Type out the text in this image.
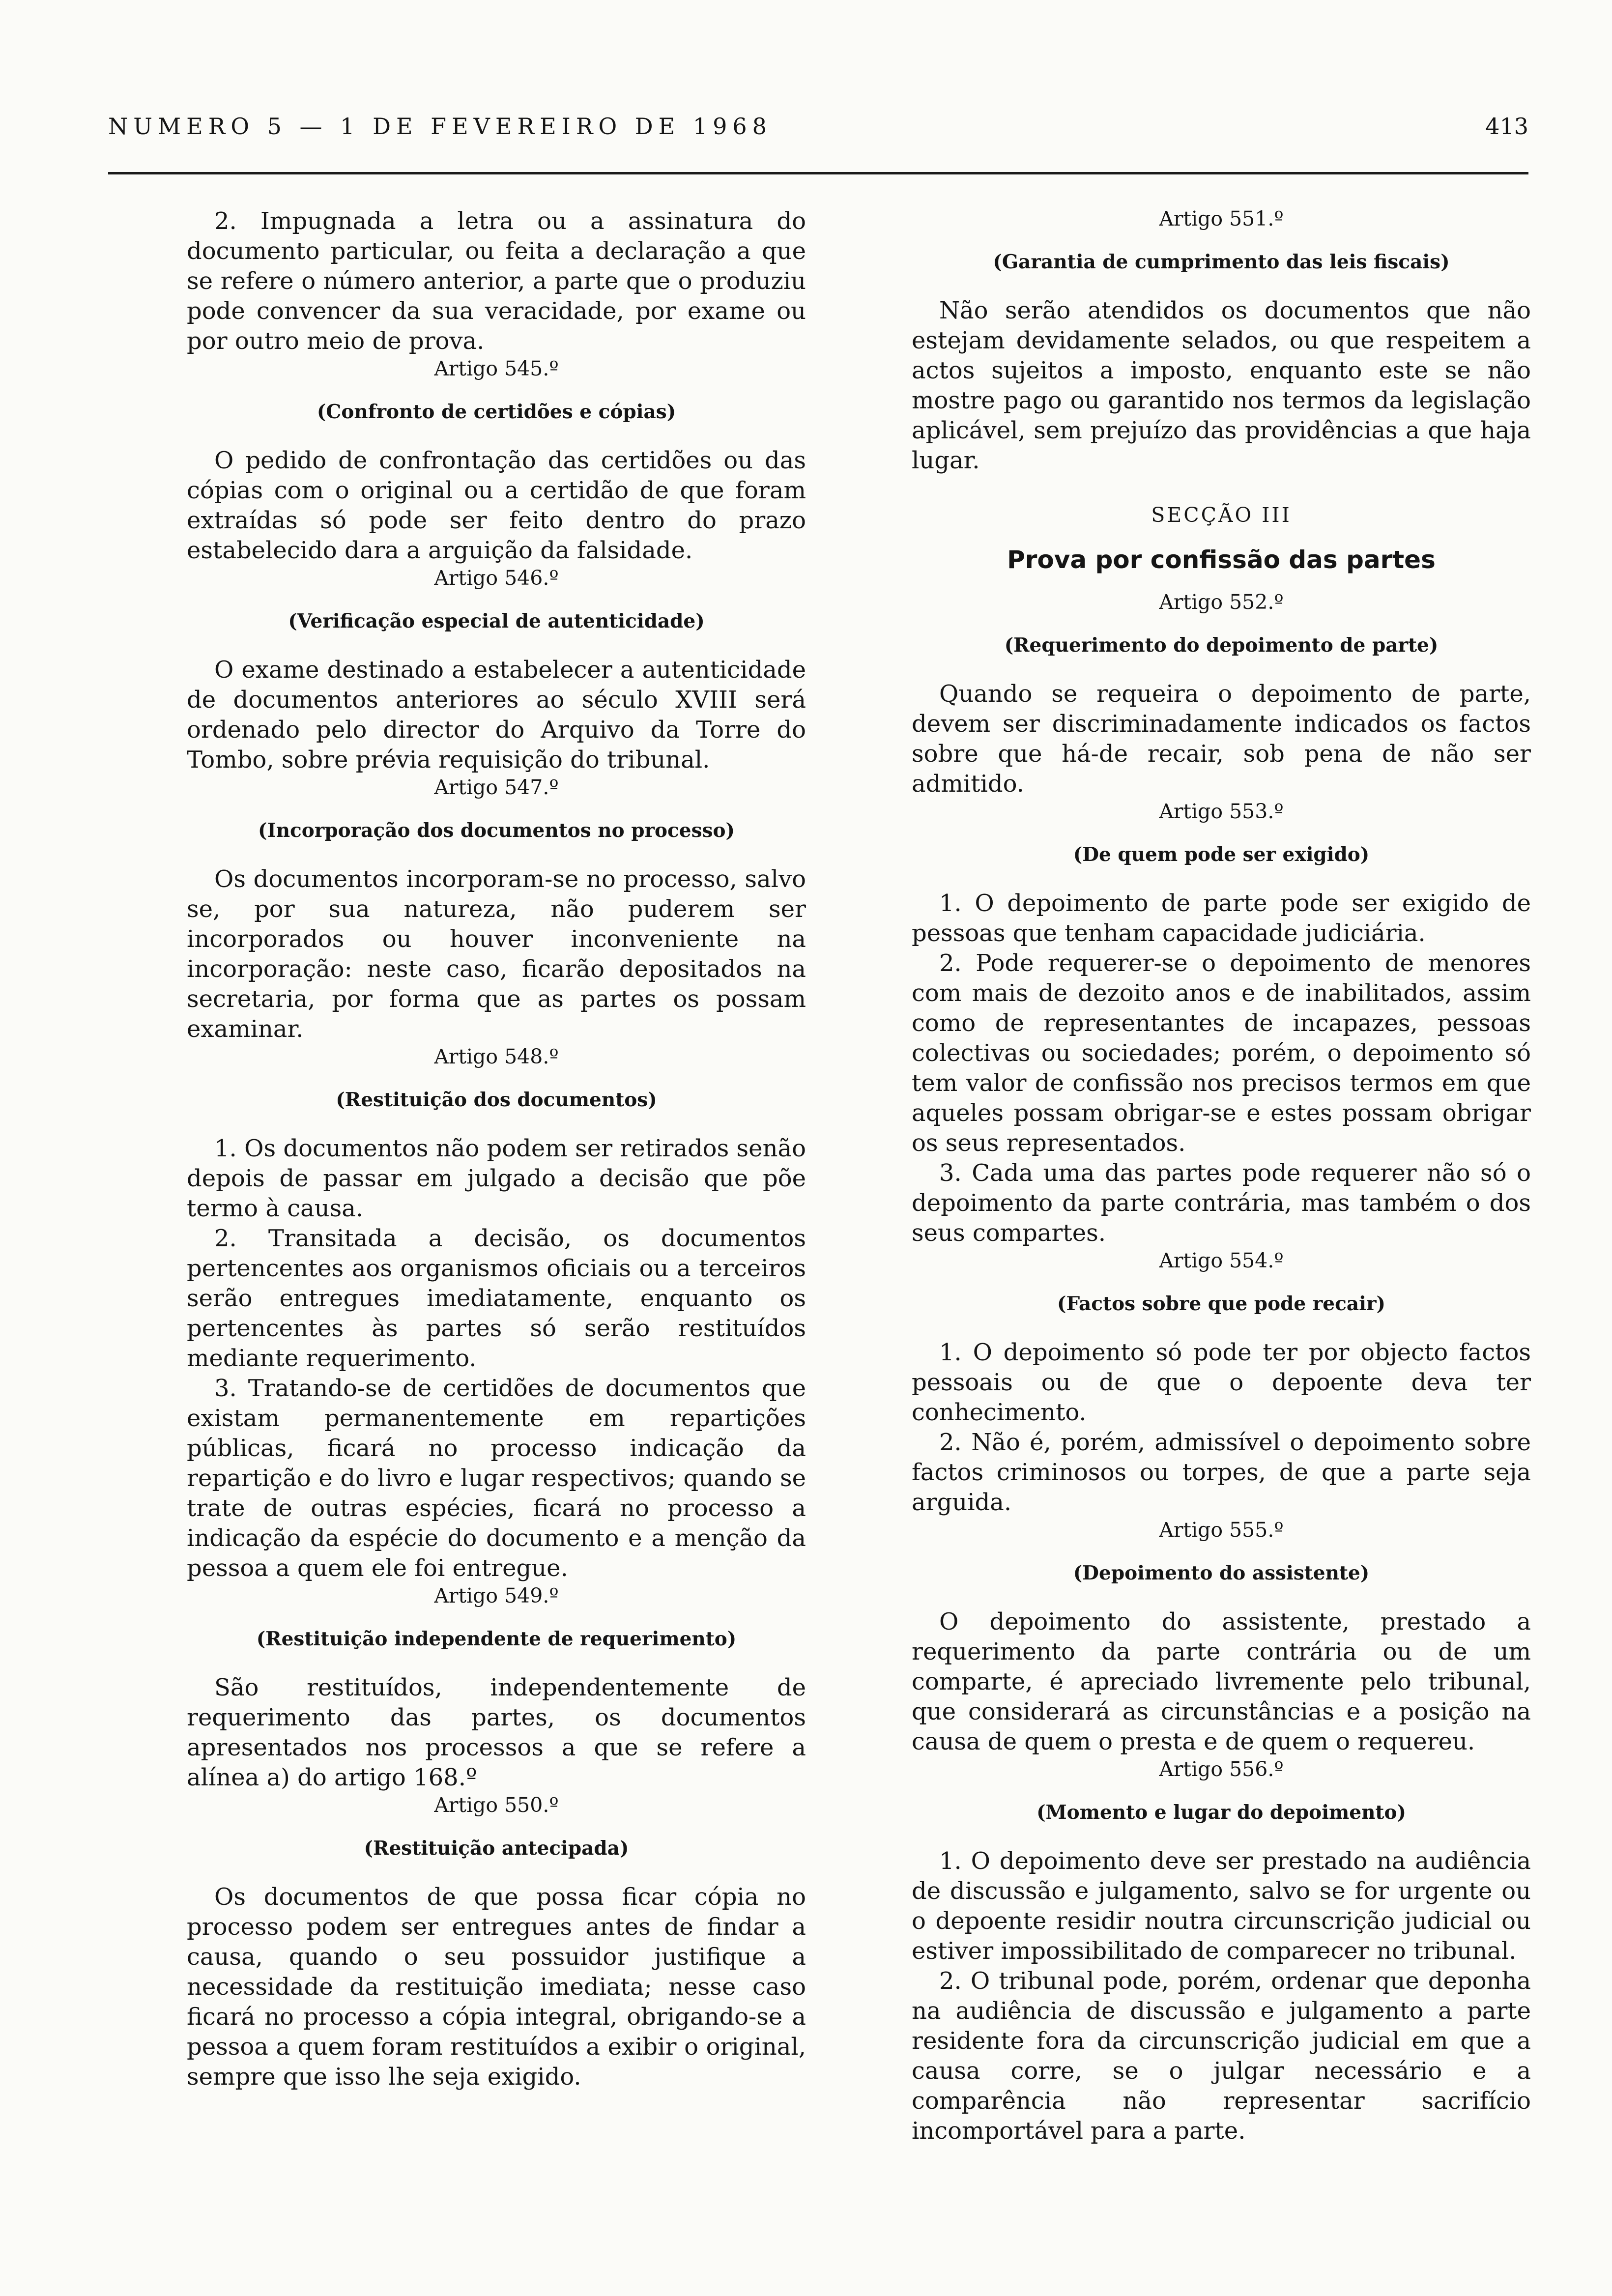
NUMERO 5 — 1 DE FEVEREIRO DE 1968	413

2. Impugnada a letra ou a assinatura do documento particular, ou feita a declaração a que se refere o número anterior, a parte que o produziu pode convencer da sua veracidade, por exame ou por outro meio de prova.

Artigo 545.º
(Confronto de certidões e cópias)

O pedido de confrontação das certidões ou das cópias com o original ou a certidão de que foram extraídas só pode ser feito dentro do prazo estabelecido dara a arguição da falsidade.

Artigo 546.º
(Verificação especial de autenticidade)

O exame destinado a estabelecer a autenticidade de documentos anteriores ao século XVIII será ordenado pelo director do Arquivo da Torre do Tombo, sobre prévia requisição do tribunal.

Artigo 547.º
(Incorporação dos documentos no processo)

Os documentos incorporam-se no processo, salvo se, por sua natureza, não puderem ser incorporados ou houver inconveniente na incorporação: neste caso, ficarão depositados na secretaria, por forma que as partes os possam examinar.

Artigo 548.º
(Restituição dos documentos)

1. Os documentos não podem ser retirados senão depois de passar em julgado a decisão que põe termo à causa.

2. Transitada a decisão, os documentos pertencentes aos organismos oficiais ou a terceiros serão entregues imediatamente, enquanto os pertencentes às partes só serão restituídos mediante requerimento.

3. Tratando-se de certidões de documentos que existam permanentemente em repartições públicas, ficará no processo indicação da repartição e do livro e lugar respectivos; quando se trate de outras espécies, ficará no processo a indicação da espécie do documento e a menção da pessoa a quem ele foi entregue.

Artigo 549.º
(Restituição independente de requerimento)

São restituídos, independentemente de requerimento das partes, os documentos apresentados nos processos a que se refere a alínea a) do artigo 168.º

Artigo 550.º
(Restituição antecipada)

Os documentos de que possa ficar cópia no processo podem ser entregues antes de findar a causa, quando o seu possuidor justifique a necessidade da restituição imediata; nesse caso ficará no processo a cópia integral, obrigando-se a pessoa a quem foram restituídos a exibir o original, sempre que isso lhe seja exigido.

Artigo 551.º
(Garantia de cumprimento das leis fiscais)

Não serão atendidos os documentos que não estejam devidamente selados, ou que respeitem a actos sujeitos a imposto, enquanto este se não mostre pago ou garantido nos termos da legislação aplicável, sem prejuízo das providências a que haja lugar.

SECÇÃO III
Prova por confissão das partes
Artigo 552.º
(Requerimento do depoimento de parte)

Quando se requeira o depoimento de parte, devem ser discriminadamente indicados os factos sobre que há-de recair, sob pena de não ser admitido.

Artigo 553.º
(De quem pode ser exigido)

1. O depoimento de parte pode ser exigido de pessoas que tenham capacidade judiciária.

2. Pode requerer-se o depoimento de menores com mais de dezoito anos e de inabilitados, assim como de representantes de incapazes, pessoas colectivas ou sociedades; porém, o depoimento só tem valor de confissão nos precisos termos em que aqueles possam obrigar-se e estes possam obrigar os seus representados.

3. Cada uma das partes pode requerer não só o depoimento da parte contrária, mas também o dos seus compartes.

Artigo 554.º
(Factos sobre que pode recair)

1. O depoimento só pode ter por objecto factos pessoais ou de que o depoente deva ter conhecimento.

2. Não é, porém, admissível o depoimento sobre factos criminosos ou torpes, de que a parte seja arguida.

Artigo 555.º
(Depoimento do assistente)

O depoimento do assistente, prestado a requerimento da parte contrária ou de um comparte, é apreciado livremente pelo tribunal, que considerará as circunstâncias e a posição na causa de quem o presta e de quem o requereu.

Artigo 556.º
(Momento e lugar do depoimento)

1. O depoimento deve ser prestado na audiência de discussão e julgamento, salvo se for urgente ou o depoente residir noutra circunscrição judicial ou estiver impossibilitado de comparecer no tribunal.

2. O tribunal pode, porém, ordenar que deponha na audiência de discussão e julgamento a parte residente fora da circunscrição judicial em que a causa corre, se o julgar necessário e a comparência não representar sacrifício incomportável para a parte.
